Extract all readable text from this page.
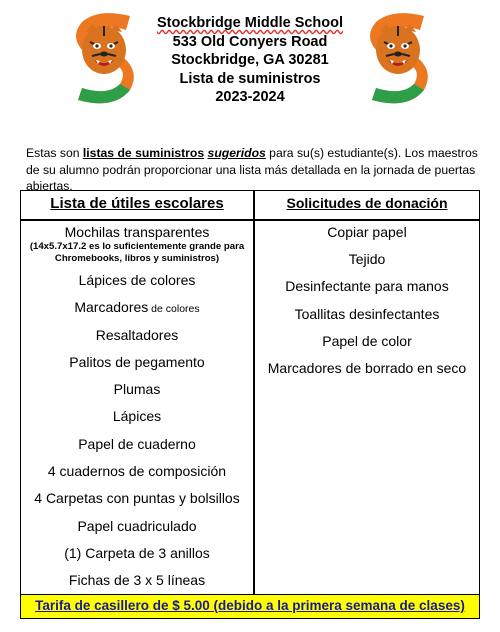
Stockbridge Middle School
533 Old Conyers Road
Stockbridge, GA 30281
Lista de suministros
2023-2024

Estas son listas de suministros sugeridos para su(s) estudiante(s). Los maestros de su alumno podrán proporcionar una lista más detallada en la jornada de puertas abiertas.

Lista de útiles escolares	Solicitudes de donación
Mochilas transparentes
(14x5.7x17.2 es lo suficientemente grande para Chromebooks, libros y suministros)
Lápices de colores
Marcadores de colores
Resaltadores
Palitos de pegamento
Plumas
Lápices
Papel de cuaderno
4 cuadernos de composición
4 Carpetas con puntas y bolsillos
Papel cuadriculado
(1) Carpeta de 3 anillos
Fichas de 3 x 5 líneas
Copiar papel
Tejido
Desinfectante para manos
Toallitas desinfectantes
Papel de color
Marcadores de borrado en seco
Tarifa de casillero de $ 5.00 (debido a la primera semana de clases)
